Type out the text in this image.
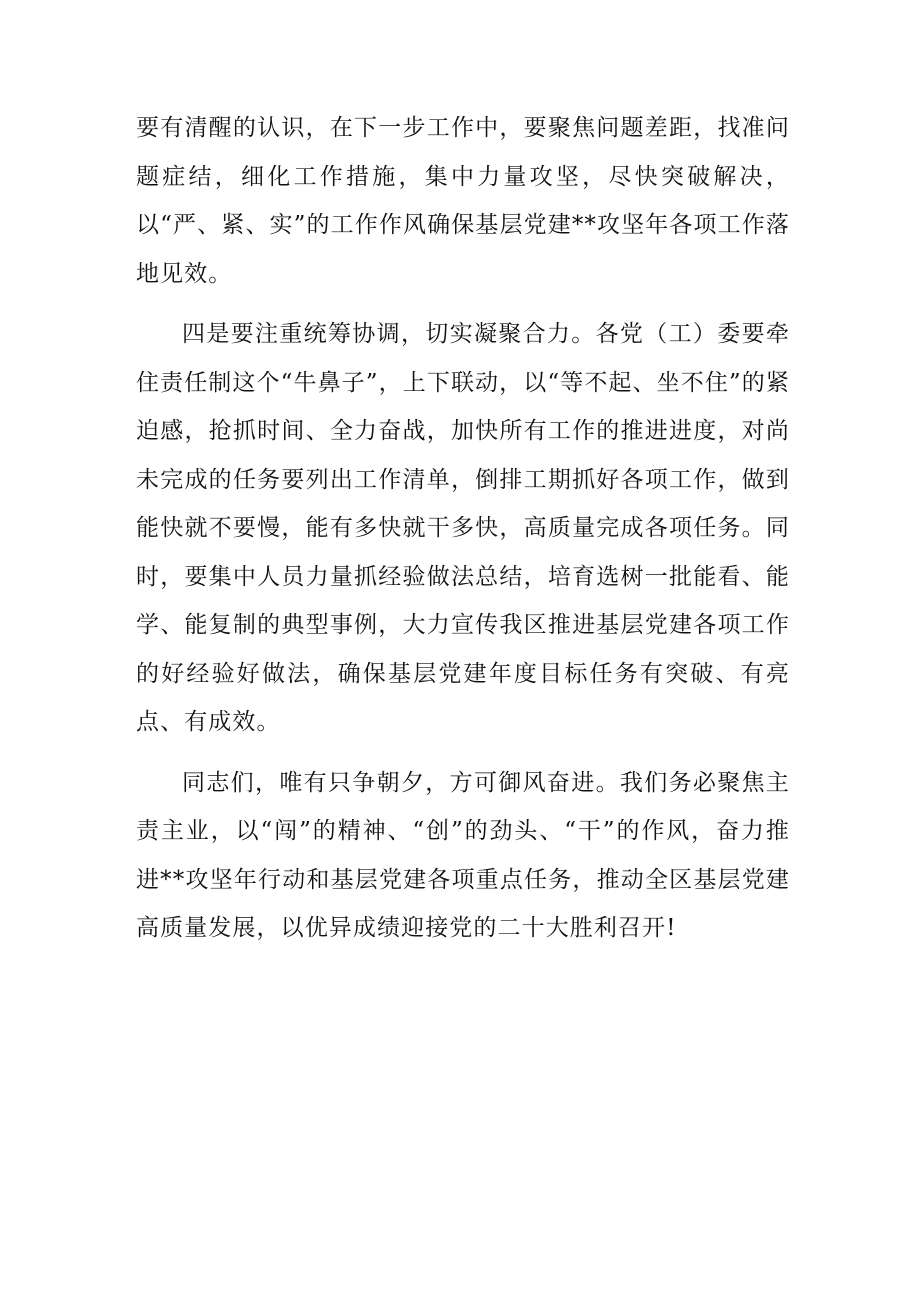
要有清醒的认识，在下一步工作中，要聚焦问题差距，找准问题症结，细化工作措施，集中力量攻坚，尽快突破解决，以“严、紧、实”的工作作风确保基层党建**攻坚年各项工作落地见效。

四是要注重统筹协调，切实凝聚合力。各党（工）委要牵住责任制这个“牛鼻子”，上下联动，以“等不起、坐不住”的紧迫感，抢抓时间、全力奋战，加快所有工作的推进进度，对尚未完成的任务要列出工作清单，倒排工期抓好各项工作，做到能快就不要慢，能有多快就干多快，高质量完成各项任务。同时，要集中人员力量抓经验做法总结，培育选树一批能看、能学、能复制的典型事例，大力宣传我区推进基层党建各项工作的好经验好做法，确保基层党建年度目标任务有突破、有亮点、有成效。

同志们，唯有只争朝夕，方可御风奋进。我们务必聚焦主责主业，以“闯”的精神、“创”的劲头、“干”的作风，奋力推进**攻坚年行动和基层党建各项重点任务，推动全区基层党建高质量发展，以优异成绩迎接党的二十大胜利召开!
